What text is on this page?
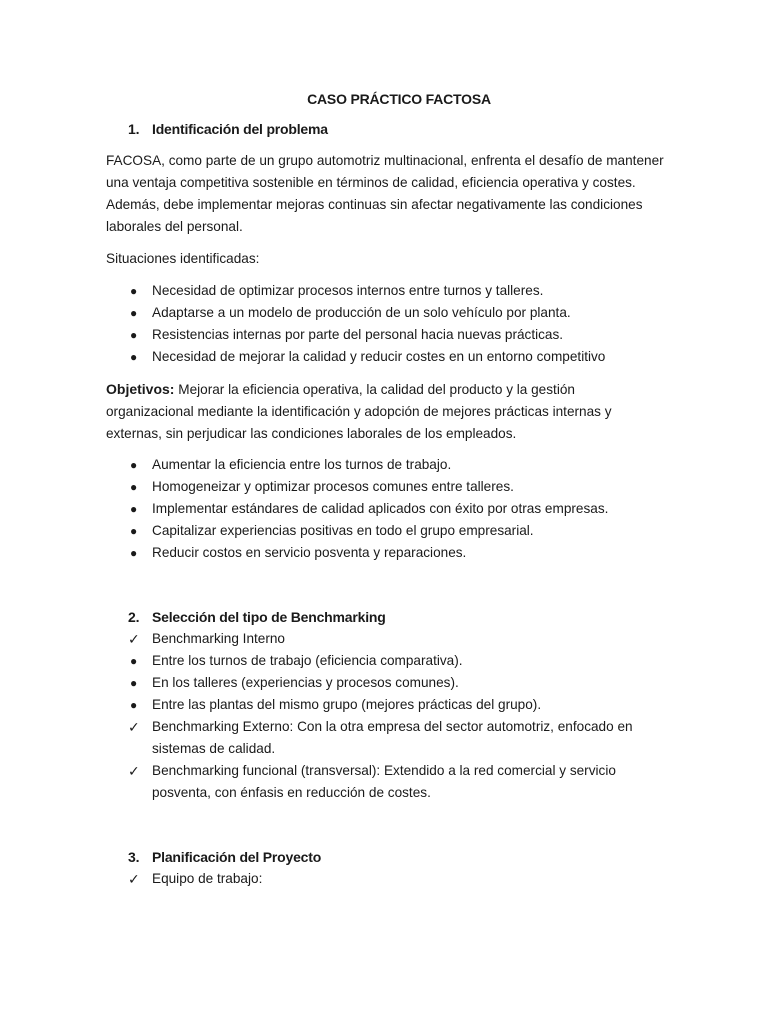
CASO PRÁCTICO FACTOSA
1. Identificación del problema

FACOSA, como parte de un grupo automotriz multinacional, enfrenta el desafío de mantener una ventaja competitiva sostenible en términos de calidad, eficiencia operativa y costes. Además, debe implementar mejoras continuas sin afectar negativamente las condiciones laborales del personal.

Situaciones identificadas:

●	Necesidad de optimizar procesos internos entre turnos y talleres.
●	Adaptarse a un modelo de producción de un solo vehículo por planta.
●	Resistencias internas por parte del personal hacia nuevas prácticas.
●	Necesidad de mejorar la calidad y reducir costes en un entorno competitivo

Objetivos: Mejorar la eficiencia operativa, la calidad del producto y la gestión organizacional mediante la identificación y adopción de mejores prácticas internas y externas, sin perjudicar las condiciones laborales de los empleados.

●	Aumentar la eficiencia entre los turnos de trabajo.
●	Homogeneizar y optimizar procesos comunes entre talleres.
●	Implementar estándares de calidad aplicados con éxito por otras empresas.
●	Capitalizar experiencias positivas en todo el grupo empresarial.
●	Reducir costos en servicio posventa y reparaciones.
2. Selección del tipo de Benchmarking
✓ Benchmarking Interno
●	Entre los turnos de trabajo (eficiencia comparativa).
●	En los talleres (experiencias y procesos comunes).
●	Entre las plantas del mismo grupo (mejores prácticas del grupo).
✓ Benchmarking Externo: Con la otra empresa del sector automotriz, enfocado en sistemas de calidad.
✓ Benchmarking funcional (transversal): Extendido a la red comercial y servicio posventa, con énfasis en reducción de costes.
3. Planificación del Proyecto
✓ Equipo de trabajo:
